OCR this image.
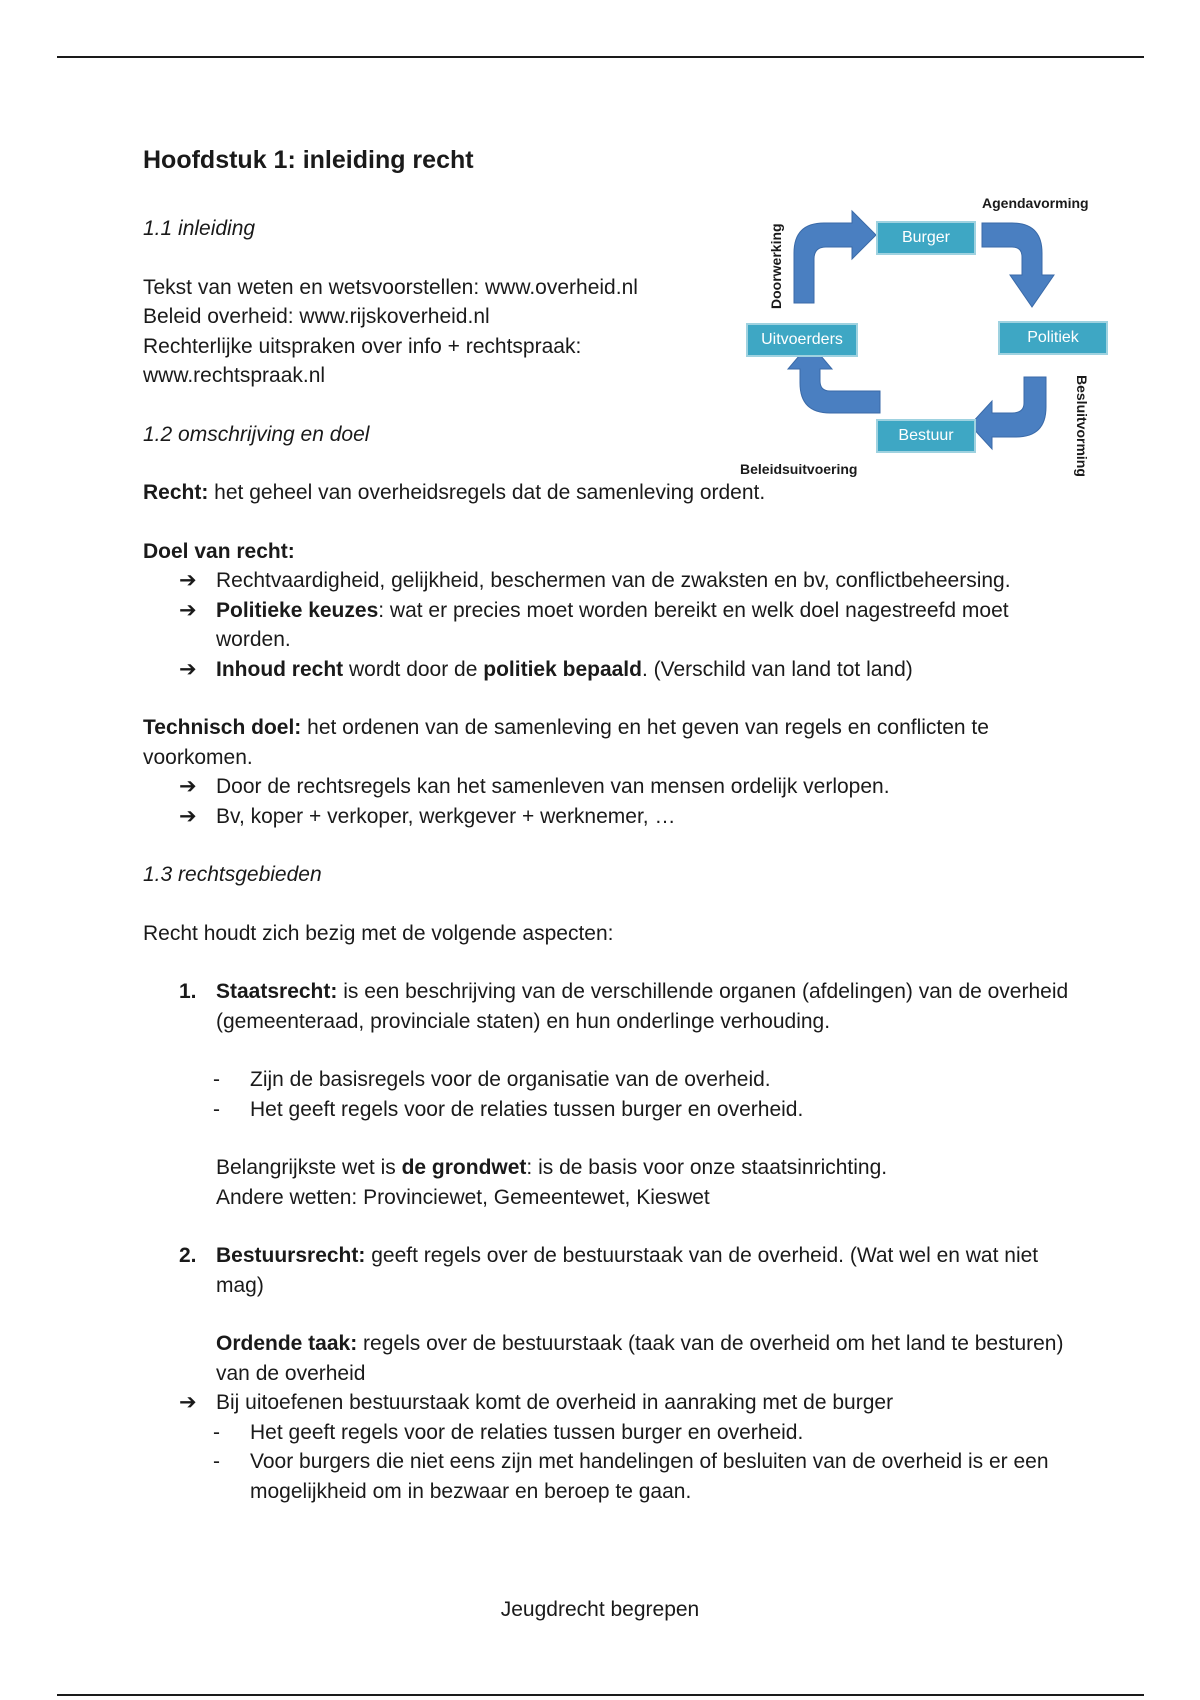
Hoofdstuk 1: inleiding recht

1.1 inleiding

Tekst van weten en wetsvoorstellen: www.overheid.nl

Beleid overheid: www.rijskoverheid.nl

Rechterlijke uitspraken over info + rechtspraak:

www.rechtspraak.nl

1.2 omschrijving en doel

Recht: het geheel van overheidsregels dat de samenleving ordent.

Doel van recht:

➔ Rechtvaardigheid, gelijkheid, beschermen van de zwaksten en bv, conflictbeheersing.
➔ Politieke keuzes: wat er precies moet worden bereikt en welk doel nagestreefd moet worden.
➔ Inhoud recht wordt door de politiek bepaald. (Verschild van land tot land)

Technisch doel: het ordenen van de samenleving en het geven van regels en conflicten te voorkomen.

➔ Door de rechtsregels kan het samenleven van mensen ordelijk verlopen.
➔ Bv, koper + verkoper, werkgever + werknemer, …

1.3 rechtsgebieden

Recht houdt zich bezig met de volgende aspecten:

1. Staatsrecht: is een beschrijving van de verschillende organen (afdelingen) van de overheid (gemeenteraad, provinciale staten) en hun onderlinge verhouding.
- Zijn de basisregels voor de organisatie van de overheid.
- Het geeft regels voor de relaties tussen burger en overheid.

Belangrijkste wet is de grondwet: is de basis voor onze staatsinrichting.

Andere wetten: Provinciewet, Gemeentewet, Kieswet

2. Bestuursrecht: geeft regels over de bestuurstaak van de overheid. (Wat wel en wat niet mag)

Ordende taak: regels over de bestuurstaak (taak van de overheid om het land te besturen) van de overheid

➔ Bij uitoefenen bestuurstaak komt de overheid in aanraking met de burger
- Het geeft regels voor de relaties tussen burger en overheid.
- Voor burgers die niet eens zijn met handelingen of besluiten van de overheid is er een mogelijkheid om in bezwaar en beroep te gaan.
Burger
Politiek
Bestuur
Uitvoerders
Agendavorming
Besluitvorming
Beleidsuitvoering
Doorwerking
Jeugdrecht begrepen
